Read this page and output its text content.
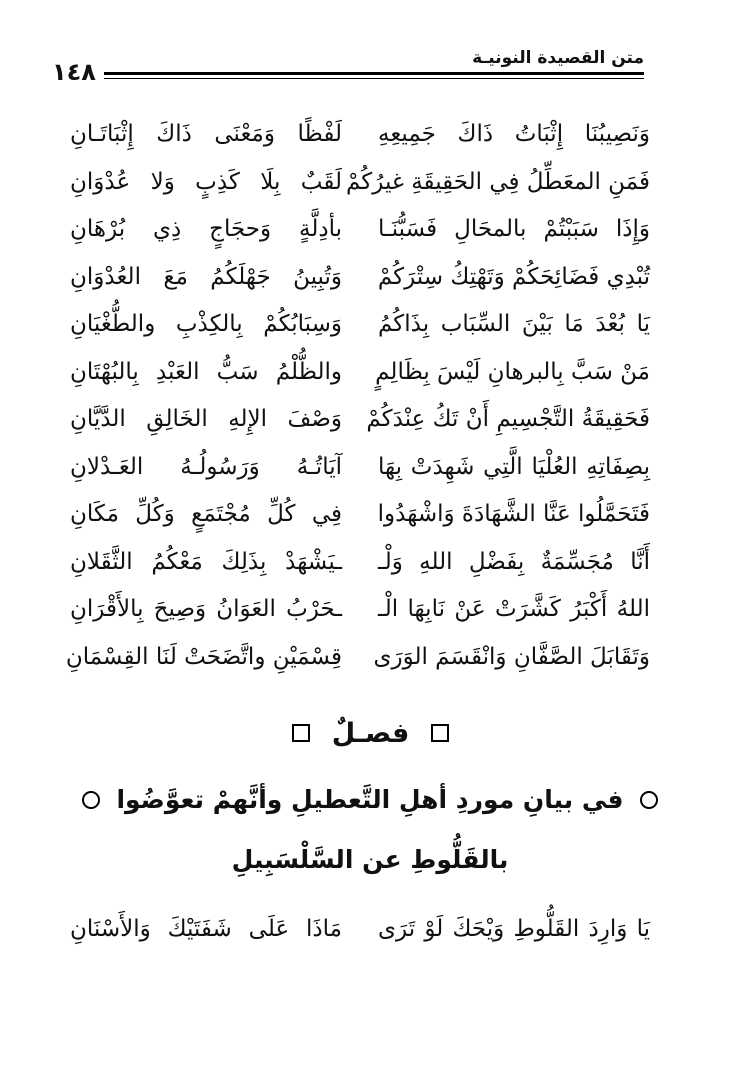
متن القصيدة النونيـة
١٤٨
وَنَصِيبُنَا إِثْبَاتُ ذَاكَ جَمِيعِهِ
لَفْظًا وَمَعْنَى ذَاكَ إِثْبَاتَـانِ
فَمَنِ المعَطِّلُ فِي الحَقِيقَةِ غيرُكُمْ
لَقَبٌ بِلَا كَذِبٍ وَلا عُدْوَانِ
وَإِذَا سَبَبْتُمْ بالمحَالِ فَسَبُّنَـا
بأدِلَّةٍ وَحجَاجٍ ذِي بُرْهَانِ
تُبْدِي فَضَائِحَكُمْ وَتَهْتِكُ سِتْرَكُمْ
وَتُبِينُ جَهْلَكُمُ مَعَ العُدْوَانِ
يَا بُعْدَ مَا بَيْنَ السِّبَاب بِذَاكُمُ
وَسِبَابُكُمْ بِالكِذْبِ والطُّغْيَانِ
مَنْ سَبَّ بِالبرهانِ لَيْسَ بِظَالِمٍ
والظُّلْمُ سَبُّ العَبْدِ بِالبُهْتَانِ
فَحَقِيقَةُ التَّجْسِيمِ أَنْ تَكُ عِنْدَكُمْ
وَصْفَ الإِلهِ الخَالِقِ الدَّيَّانِ
بِصِفَاتِهِ العُلْيَا الَّتِي شَهِدَتْ بِهَا
آيَاتُـهُ وَرَسُولُـهُ العَـدْلانِ
فَتَحَمَّلُوا عَنَّا الشَّهَادَةَ وَاشْهَدُوا
فِي كُلِّ مُجْتَمَعٍ وَكُلِّ مَكَانِ
أَنَّا مُجَسِّمَةٌ بِفَضْلِ اللهِ وَلْـ
ـيَشْهَدْ بِذَلِكَ مَعْكُمُ الثَّقَلانِ
اللهُ أَكْبَرُ كَشَّرَتْ عَنْ نَابِهَا الْـ
ـحَرْبُ العَوَانُ وَصِيحَ بِالأَقْرَانِ
وَتَقَابَلَ الصَّفَّانِ وَانْقَسَمَ الوَرَى
قِسْمَيْنِ واتَّضَحَتْ لَنَا القِسْمَانِ
فصـلٌ
في بيانِ موردِ أهلِ التَّعطيلِ وأنَّهمْ تعوَّضُوا
بالقَلُّوطِ عن السَّلْسَبِيلِ
يَا وَارِدَ القَلُّوطِ وَيْحَكَ لَوْ تَرَى
مَاذَا عَلَى شَفَتَيْكَ وَالأَسْنَانِ
